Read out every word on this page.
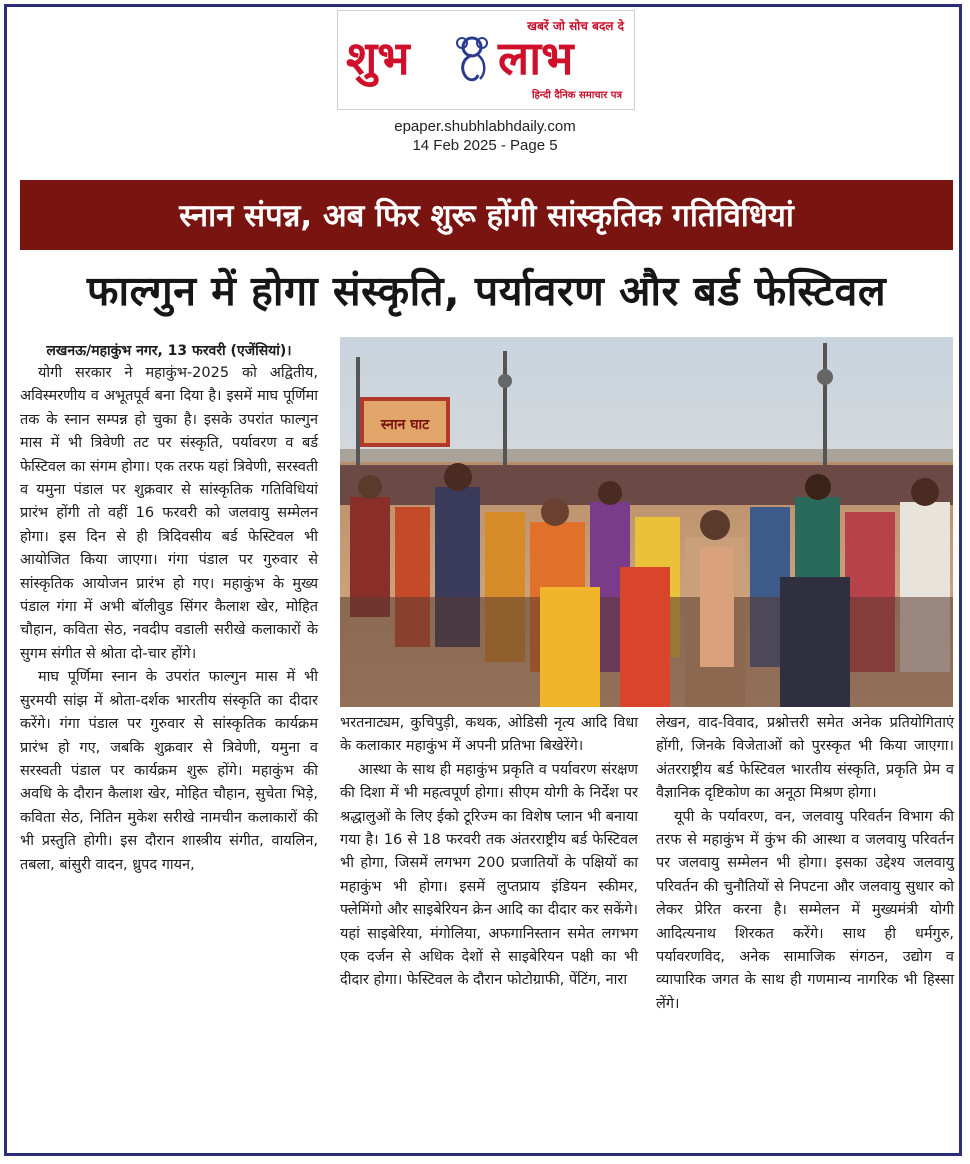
खबरें जो सोच बदल दे
शुभ लाभ
हिन्दी दैनिक समाचार पत्र
epaper.shubhlabhdaily.com
14 Feb 2025 - Page 5
स्नान संपन्न, अब फिर शुरू होंगी सांस्कृतिक गतिविधियां
फाल्गुन में होगा संस्कृति, पर्यावरण और बर्ड फेस्टिवल
स्नान घाट

लखनऊ/महाकुंभ नगर, 13 फरवरी (एजेंसियां)।

योगी सरकार ने महाकुंभ-2025 को अद्वितीय, अविस्मरणीय व अभूतपूर्व बना दिया है। इसमें माघ पूर्णिमा तक के स्नान सम्पन्न हो चुका है। इसके उपरांत फाल्गुन मास में भी त्रिवेणी तट पर संस्कृति, पर्यावरण व बर्ड फेस्टिवल का संगम होगा। एक तरफ यहां त्रिवेणी, सरस्वती व यमुना पंडाल पर शुक्रवार से सांस्कृतिक गतिविधियां प्रारंभ होंगी तो वहीं 16 फरवरी को जलवायु सम्मेलन होगा। इस दिन से ही त्रिदिवसीय बर्ड फेस्टिवल भी आयोजित किया जाएगा। गंगा पंडाल पर गुरुवार से सांस्कृतिक आयोजन प्रारंभ हो गए। महाकुंभ के मुख्य पंडाल गंगा में अभी बॉलीवुड सिंगर कैलाश खेर, मोहित चौहान, कविता सेठ, नवदीप वडाली सरीखे कलाकारों के सुगम संगीत से श्रोता दो-चार होंगे।

माघ पूर्णिमा स्नान के उपरांत फाल्गुन मास में भी सुरमयी सांझ में श्रोता-दर्शक भारतीय संस्कृति का दीदार करेंगे। गंगा पंडाल पर गुरुवार से सांस्कृतिक कार्यक्रम प्रारंभ हो गए, जबकि शुक्रवार से त्रिवेणी, यमुना व सरस्वती पंडाल पर कार्यक्रम शुरू होंगे। महाकुंभ की अवधि के दौरान कैलाश खेर, मोहित चौहान, सुचेता भिड़े, कविता सेठ, नितिन मुकेश सरीखे नामचीन कलाकारों की भी प्रस्तुति होगी। इस दौरान शास्त्रीय संगीत, वायलिन, तबला, बांसुरी वादन, ध्रुपद गायन,

भरतनाट्यम, कुचिपुड़ी, कथक, ओडिसी नृत्य आदि विधा के कलाकार महाकुंभ में अपनी प्रतिभा बिखेरेंगे।

आस्था के साथ ही महाकुंभ प्रकृति व पर्यावरण संरक्षण की दिशा में भी महत्वपूर्ण होगा। सीएम योगी के निर्देश पर श्रद्धालुओं के लिए ईको टूरिज्म का विशेष प्लान भी बनाया गया है। 16 से 18 फरवरी तक अंतरराष्ट्रीय बर्ड फेस्टिवल भी होगा, जिसमें लगभग 200 प्रजातियों के पक्षियों का महाकुंभ भी होगा। इसमें लुप्तप्राय इंडियन स्कीमर, फ्लेमिंगो और साइबेरियन क्रेन आदि का दीदार कर सकेंगे। यहां साइबेरिया, मंगोलिया, अफगानिस्तान समेत लगभग एक दर्जन से अधिक देशों से साइबेरियन पक्षी का भी दीदार होगा। फेस्टिवल के दौरान फोटोग्राफी, पेंटिंग, नारा

लेखन, वाद-विवाद, प्रश्नोत्तरी समेत अनेक प्रतियोगिताएं होंगी, जिनके विजेताओं को पुरस्कृत भी किया जाएगा। अंतरराष्ट्रीय बर्ड फेस्टिवल भारतीय संस्कृति, प्रकृति प्रेम व वैज्ञानिक दृष्टिकोण का अनूठा मिश्रण होगा।

यूपी के पर्यावरण, वन, जलवायु परिवर्तन विभाग की तरफ से महाकुंभ में कुंभ की आस्था व जलवायु परिवर्तन पर जलवायु सम्मेलन भी होगा। इसका उद्देश्य जलवायु परिवर्तन की चुनौतियों से निपटना और जलवायु सुधार को लेकर प्रेरित करना है। सम्मेलन में मुख्यमंत्री योगी आदित्यनाथ शिरकत करेंगे। साथ ही धर्मगुरु, पर्यावरणविद, अनेक सामाजिक संगठन, उद्योग व व्यापारिक जगत के साथ ही गणमान्य नागरिक भी हिस्सा लेंगे।
